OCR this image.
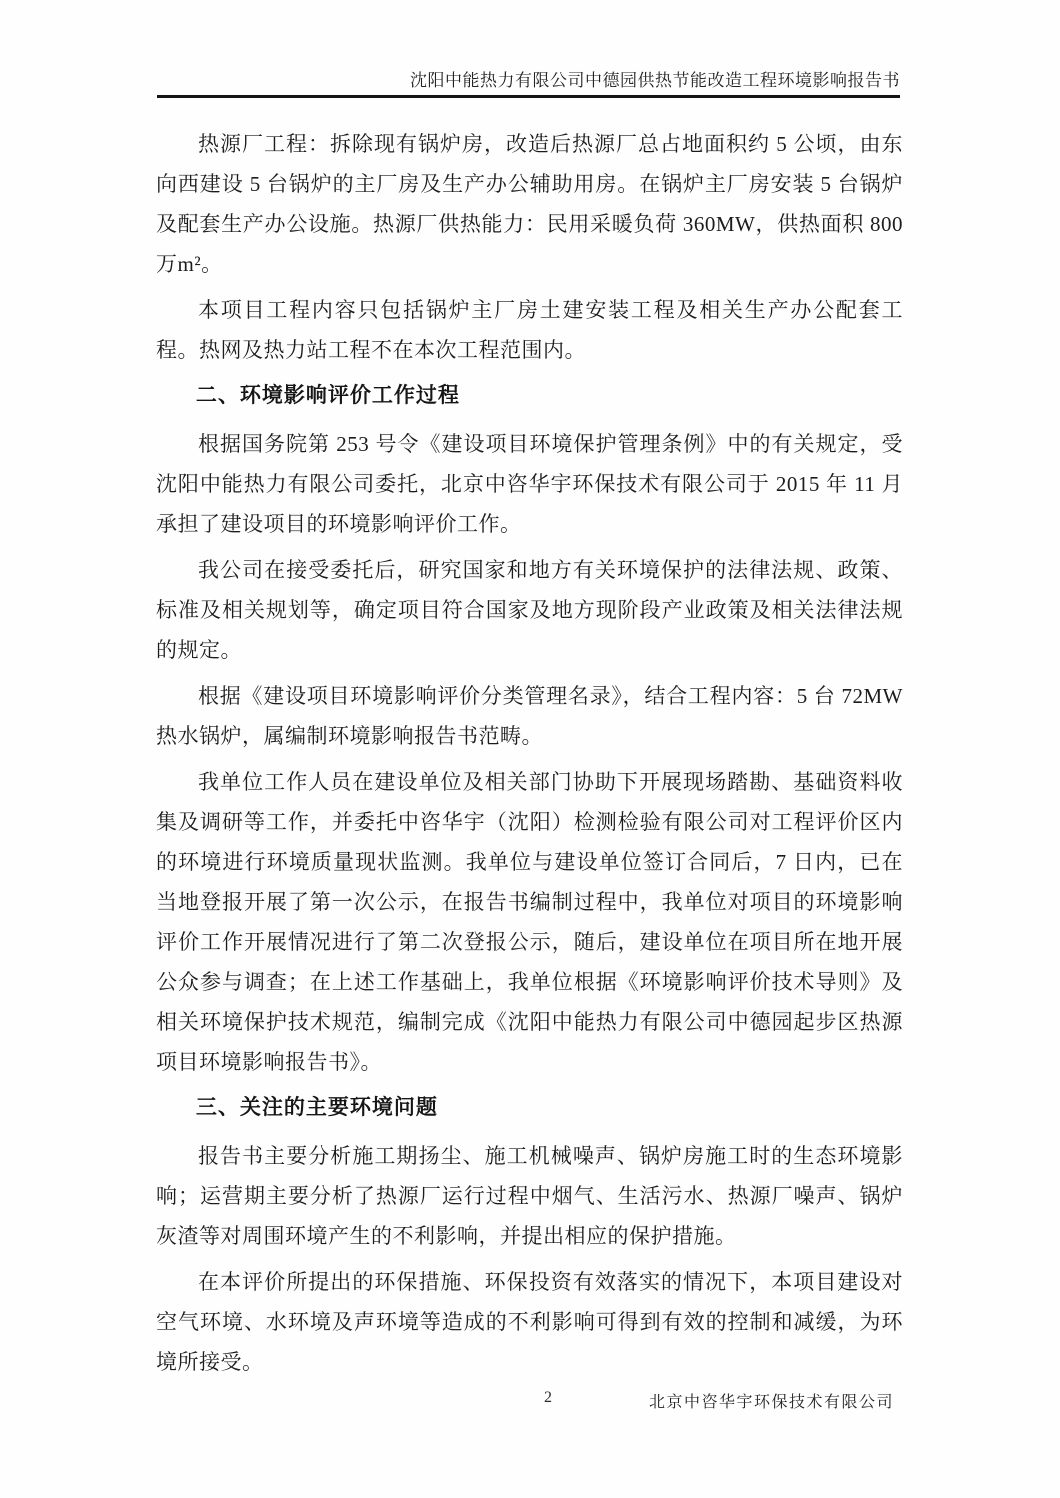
沈阳中能热力有限公司中德园供热节能改造工程环境影响报告书

热源厂工程：拆除现有锅炉房，改造后热源厂总占地面积约 5 公顷，由东向西建设 5 台锅炉的主厂房及生产办公辅助用房。在锅炉主厂房安装 5 台锅炉及配套生产办公设施。热源厂供热能力：民用采暖负荷 360MW，供热面积 800 万m²。

本项目工程内容只包括锅炉主厂房土建安装工程及相关生产办公配套工程。热网及热力站工程不在本次工程范围内。

二、环境影响评价工作过程

根据国务院第 253 号令《建设项目环境保护管理条例》中的有关规定，受沈阳中能热力有限公司委托，北京中咨华宇环保技术有限公司于 2015 年 11 月承担了建设项目的环境影响评价工作。

我公司在接受委托后，研究国家和地方有关环境保护的法律法规、政策、标准及相关规划等，确定项目符合国家及地方现阶段产业政策及相关法律法规的规定。

根据《建设项目环境影响评价分类管理名录》，结合工程内容：5 台 72MW 热水锅炉，属编制环境影响报告书范畴。

我单位工作人员在建设单位及相关部门协助下开展现场踏勘、基础资料收集及调研等工作，并委托中咨华宇（沈阳）检测检验有限公司对工程评价区内的环境进行环境质量现状监测。我单位与建设单位签订合同后，7 日内，已在当地登报开展了第一次公示，在报告书编制过程中，我单位对项目的环境影响评价工作开展情况进行了第二次登报公示，随后，建设单位在项目所在地开展公众参与调查；在上述工作基础上，我单位根据《环境影响评价技术导则》及相关环境保护技术规范，编制完成《沈阳中能热力有限公司中德园起步区热源项目环境影响报告书》。

三、关注的主要环境问题

报告书主要分析施工期扬尘、施工机械噪声、锅炉房施工时的生态环境影响；运营期主要分析了热源厂运行过程中烟气、生活污水、热源厂噪声、锅炉灰渣等对周围环境产生的不利影响，并提出相应的保护措施。

在本评价所提出的环保措施、环保投资有效落实的情况下，本项目建设对空气环境、水环境及声环境等造成的不利影响可得到有效的控制和减缓，为环境所接受。

2	北京中咨华宇环保技术有限公司
